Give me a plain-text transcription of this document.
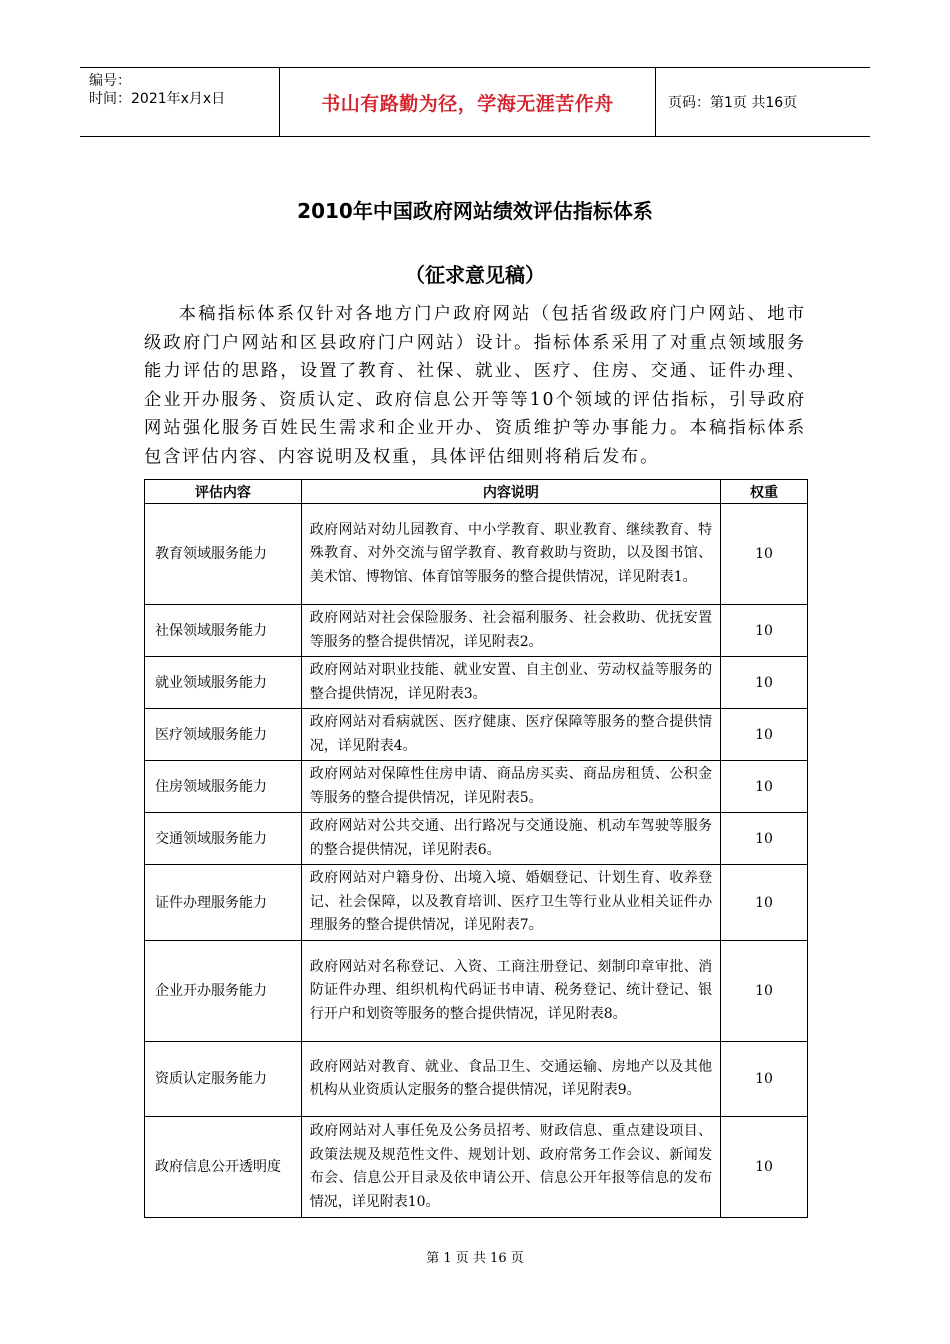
编号：
时间：2021年x月x日	书山有路勤为径，学海无涯苦作舟	页码：第1页 共16页
2010年中国政府网站绩效评估指标体系
（征求意见稿）

本稿指标体系仅针对各地方门户政府网站（包括省级政府门户网站、地市级政府门户网站和区县政府门户网站）设计。指标体系采用了对重点领域服务能力评估的思路，设置了教育、社保、就业、医疗、住房、交通、证件办理、企业开办服务、资质认定、政府信息公开等等10个领域的评估指标，引导政府网站强化服务百姓民生需求和企业开办、资质维护等办事能力。本稿指标体系包含评估内容、内容说明及权重，具体评估细则将稍后发布。

评估内容	内容说明	权重
教育领域服务能力	政府网站对幼儿园教育、中小学教育、职业教育、继续教育、特殊教育、对外交流与留学教育、教育救助与资助，以及图书馆、美术馆、博物馆、体育馆等服务的整合提供情况，详见附表1。	10
社保领域服务能力	政府网站对社会保险服务、社会福利服务、社会救助、优抚安置等服务的整合提供情况，详见附表2。	10
就业领域服务能力	政府网站对职业技能、就业安置、自主创业、劳动权益等服务的整合提供情况，详见附表3。	10
医疗领域服务能力	政府网站对看病就医、医疗健康、医疗保障等服务的整合提供情况，详见附表4。	10
住房领域服务能力	政府网站对保障性住房申请、商品房买卖、商品房租赁、公积金等服务的整合提供情况，详见附表5。	10
交通领域服务能力	政府网站对公共交通、出行路况与交通设施、机动车驾驶等服务的整合提供情况，详见附表6。	10
证件办理服务能力	政府网站对户籍身份、出境入境、婚姻登记、计划生育、收养登记、社会保障，以及教育培训、医疗卫生等行业从业相关证件办理服务的整合提供情况，详见附表7。	10
企业开办服务能力	政府网站对名称登记、入资、工商注册登记、刻制印章审批、消防证件办理、组织机构代码证书申请、税务登记、统计登记、银行开户和划资等服务的整合提供情况，详见附表8。	10
资质认定服务能力	政府网站对教育、就业、食品卫生、交通运输、房地产以及其他机构从业资质认定服务的整合提供情况，详见附表9。	10
政府信息公开透明度	政府网站对人事任免及公务员招考、财政信息、重点建设项目、政策法规及规范性文件、规划计划、政府常务工作会议、新闻发布会、信息公开目录及依申请公开、信息公开年报等信息的发布情况，详见附表10。	10
第 1 页 共 16 页
